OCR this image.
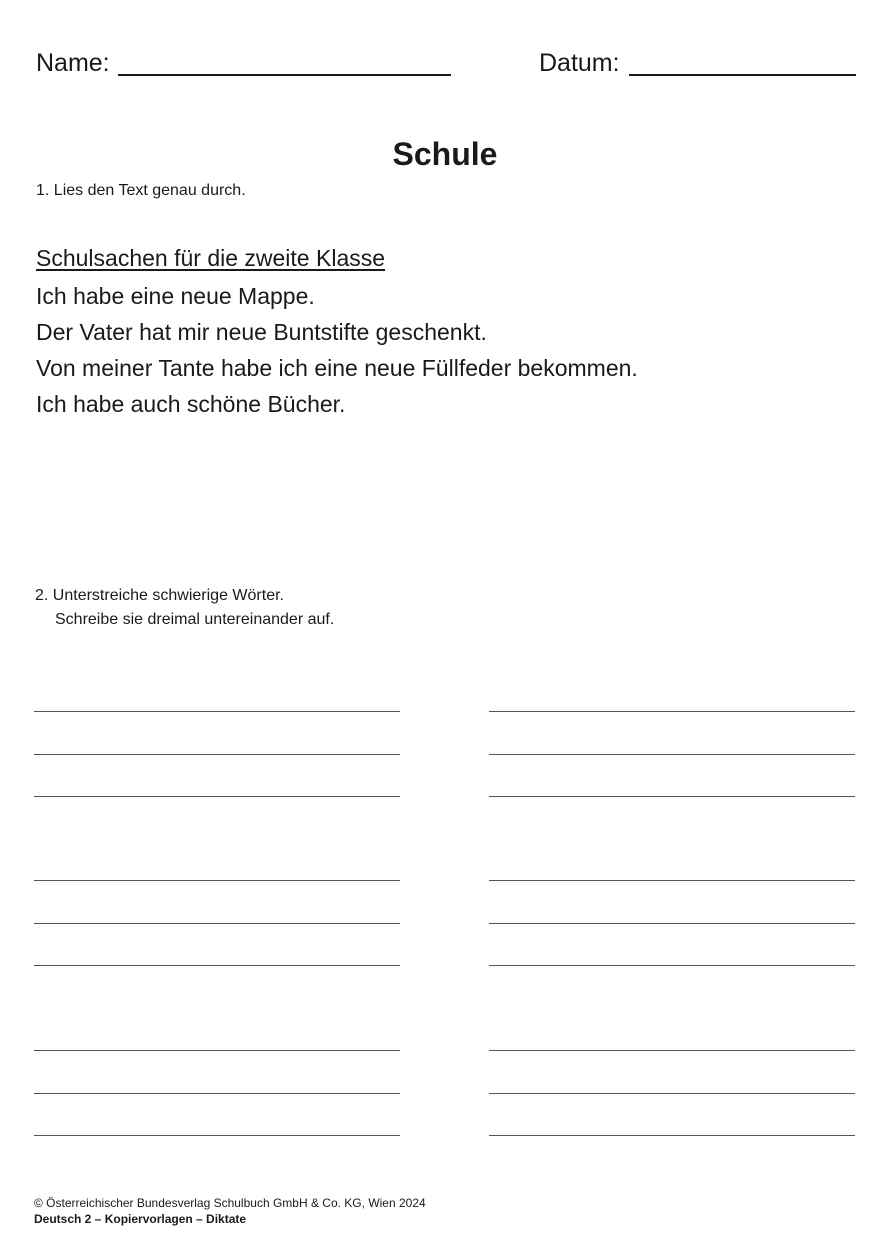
Name:	Datum:
Schule
1. Lies den Text genau durch.
Schulsachen für die zweite Klasse
Ich habe eine neue Mappe.
Der Vater hat mir neue Buntstifte geschenkt.
Von meiner Tante habe ich eine neue Füllfeder bekommen.
Ich habe auch schöne Bücher.
2. Unterstreiche schwierige Wörter.
Schreibe sie dreimal untereinander auf.
© Österreichischer Bundesverlag Schulbuch GmbH & Co. KG, Wien 2024
Deutsch 2 – Kopiervorlagen – Diktate
